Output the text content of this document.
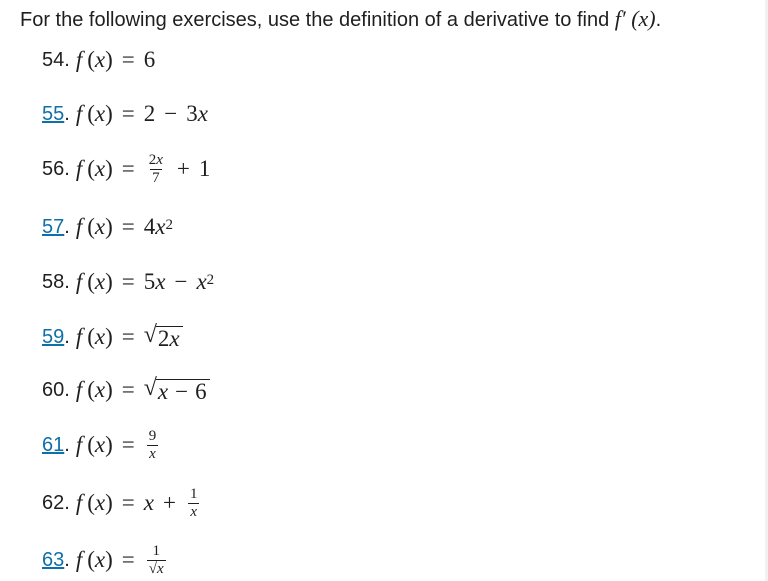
For the following exercises, use the definition of a derivative to find f′ (x).
54. f ( x ) = 6
55. f ( x ) = 2 − 3 x
56. f ( x ) = $\frac{2x}{7} + 1$
57. f ( x ) = 4 $x^2$
58. f ( x ) = 5 $x - x^2$
59. f ( x ) = √ 2x
60. f ( x ) = √ x − 6
61. f ( x ) = $\frac{9}{x}$
62. f ( x ) = $x + \frac{1}{x}$
63. f ( x ) = $\frac{1}{√x}$
